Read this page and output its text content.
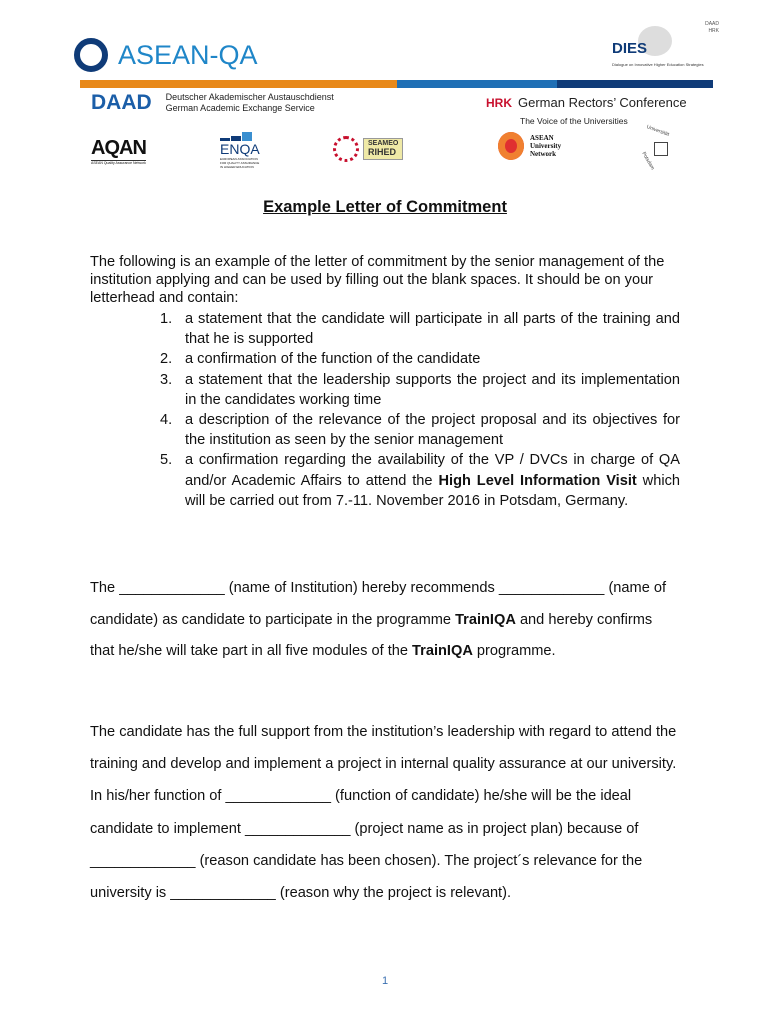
ASEAN-QA
DAAD
HRK
DIES
Dialogue on Innovative Higher Education Strategies
DAAD Deutscher Akademischer Austauschdienst
German Academic Exchange Service	HRK German Rectors’ Conference
The Voice of the Universities
AQAN
ASEAN Quality Assurance Network
ENQA
EUROPEAN ASSOCIATION FOR QUALITY ASSURANCE IN HIGHER EDUCATION
SEAMEO
RIHED
ASEAN
University
Network
Universität
Potsdam
Example Letter of Commitment
The following is an example of the letter of commitment by the senior management of the institution applying and can be used by filling out the blank spaces. It should be on your letterhead and contain:
1. a statement that the candidate will participate in all parts of the training and that he is supported
2. a confirmation of the function of the candidate
3. a statement that the leadership supports the project and its implementation in the candidates working time
4. a description of the relevance of the project proposal and its objectives for the institution as seen by the senior management
5. a confirmation regarding the availability of the VP / DVCs in charge of QA and/or Academic Affairs to attend the High Level Information Visit which will be carried out from 7.-11. November 2016 in Potsdam, Germany.
The _____________ (name of Institution) hereby recommends _____________ (name of candidate) as candidate to participate in the programme TrainIQA and hereby confirms that he/she will take part in all five modules of the TrainIQA programme.
The candidate has the full support from the institution’s leadership with regard to attend the training and develop and implement a project in internal quality assurance at our university. In his/her function of _____________ (function of candidate) he/she will be the ideal candidate to implement _____________ (project name as in project plan) because of _____________ (reason candidate has been chosen). The project´s relevance for the university is _____________ (reason why the project is relevant).
1
